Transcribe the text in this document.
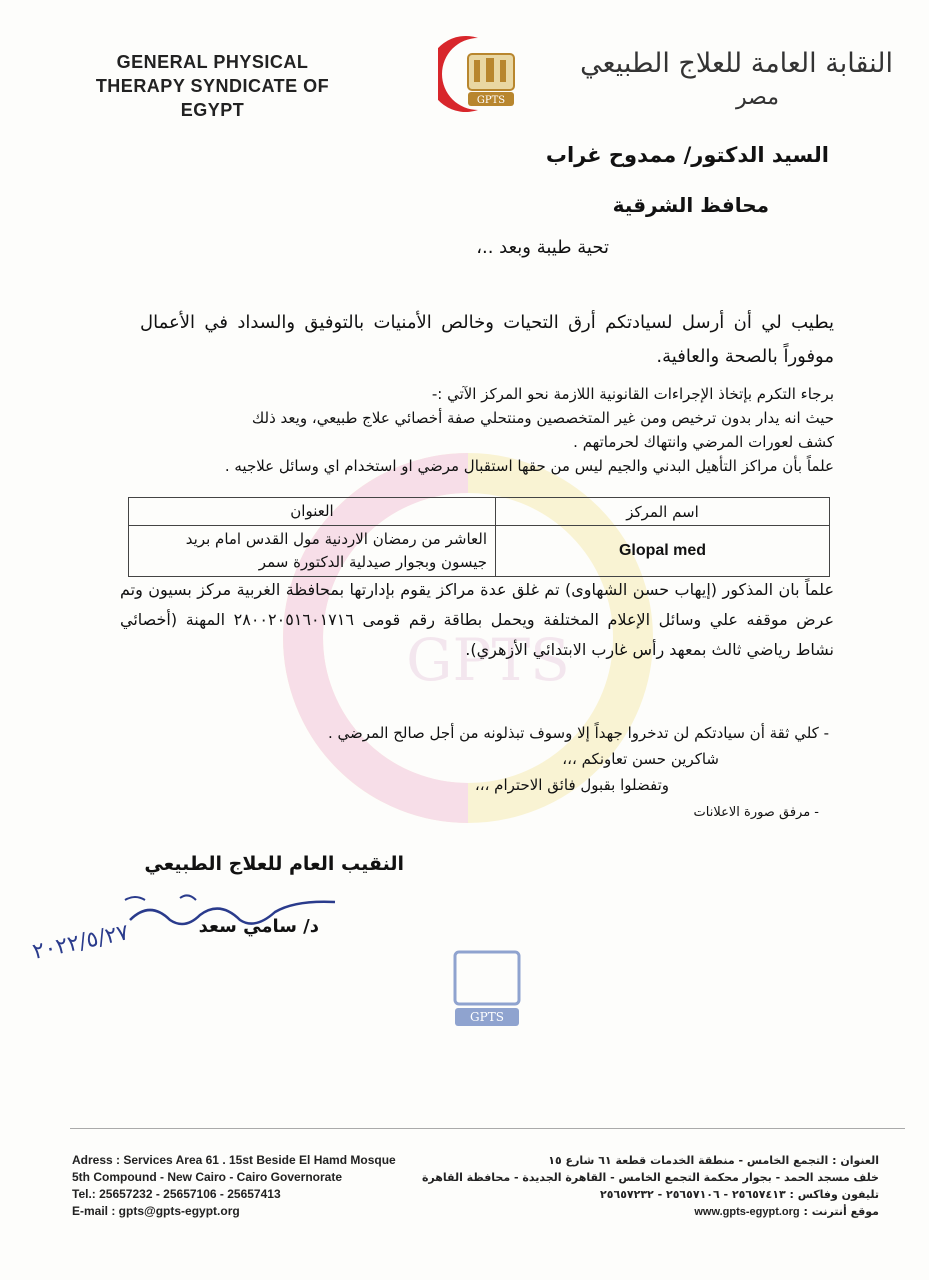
GENERAL PHYSICAL
THERAPY SYNDICATE OF
EGYPT	GPTS
النقابة العامة للعلاج الطبيعي
مصر
GPTS
السيد الدكتور/ ممدوح غراب
محافظ الشرقية
تحية طيبة وبعد ..،
يطيب لي أن أرسل لسيادتكم أرق التحيات وخالص الأمنيات بالتوفيق والسداد في الأعمال موفوراً بالصحة والعافية.
برجاء التكرم بإتخاذ الإجراءات القانونية اللازمة نحو المركز الآتي :-
حيث انه يدار بدون ترخيص ومن غير المتخصصين ومنتحلي صفة أخصائي علاج طبيعي، ويعد ذلك
كشف لعورات المرضي وانتهاك لحرماتهم .
علماً بأن مراكز التأهيل البدني والجيم ليس من حقها استقبال مرضي او استخدام اي وسائل علاجيه .
اسم المركز	العنوان
Glopal med	العاشر من رمضان الاردنية مول القدس امام بريد جيسون وبجوار صيدلية الدكتورة سمر
علماً بان المذكور (إيهاب حسن الشهاوى) تم غلق عدة مراكز يقوم بإدارتها بمحافظة الغربية مركز بسيون وتم عرض موقفه علي وسائل الإعلام المختلفة ويحمل بطاقة رقم قومى ٢٨٠٠٢٠٥١٦٠١٧١٦ المهنة (أخصائي نشاط رياضي ثالث بمعهد رأس غارب الابتدائي الأزهري).
- كلي ثقة أن سيادتكم لن تدخروا جهداً إلا وسوف تبذلونه من أجل صالح المرضي .
شاكرين حسن تعاونكم ،،،
وتفضلوا بقبول فائق الاحترام ،،،
- مرفق صورة الاعلانات
النقيب العام للعلاج الطبيعي
د/ سامي سعد
٢٠٢٢/٥/٢٧
GPTS
Adress : Services Area 61 . 15st Beside El Hamd Mosque
5th Compound - New Cairo - Cairo Governorate
Tel.: 25657232 - 25657106 - 25657413
E-mail : gpts@gpts-egypt.org
العنوان : التجمع الخامس - منطقة الخدمات قطعة ٦١ شارع ١٥
خلف مسجد الحمد - بجوار محكمة التجمع الخامس - القاهرة الجديدة - محافظة القاهرة
تليفون وفاكس : ٢٥٦٥٧٤١٣ - ٢٥٦٥٧١٠٦ - ٢٥٦٥٧٢٣٢
موقع أنترنت : www.gpts-egypt.org
